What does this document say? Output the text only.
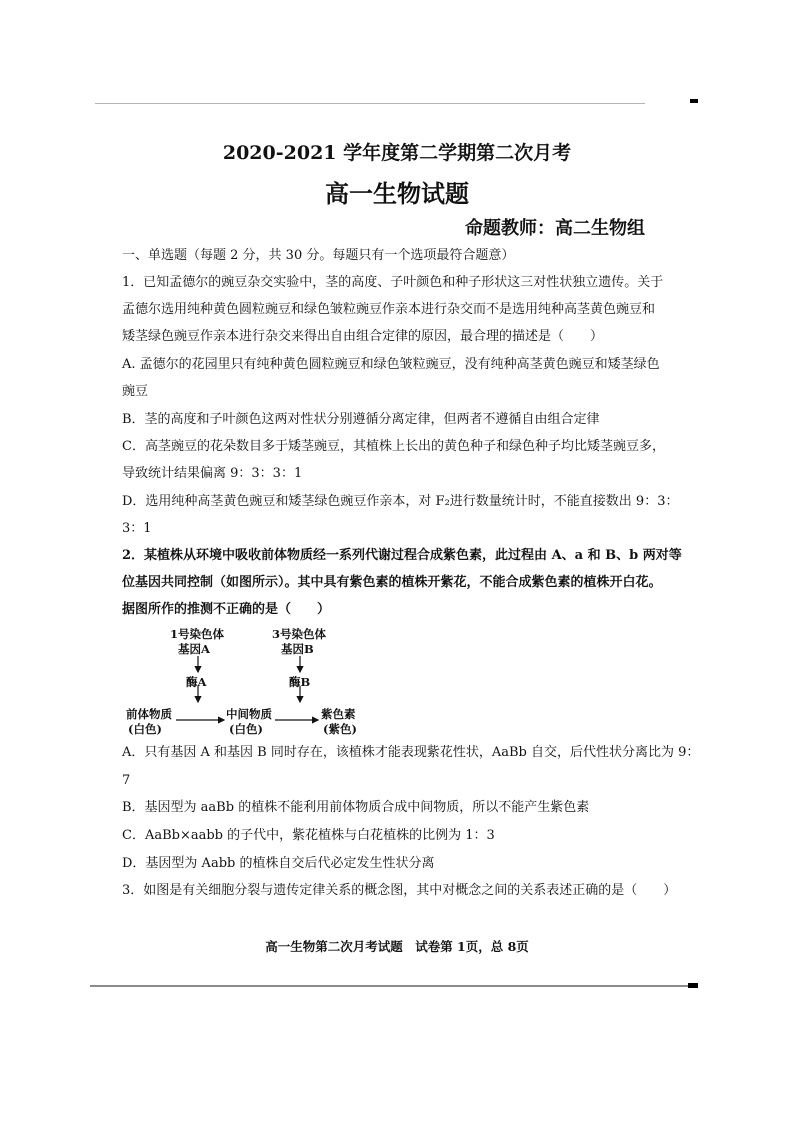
2020-2021 学年度第二学期第二次月考
高一生物试题
命题教师：高二生物组
一、单选题（每题 2 分，共 30 分。每题只有一个选项最符合题意）
1．已知孟德尔的豌豆杂交实验中，茎的高度、子叶颜色和种子形状这三对性状独立遗传。关于
孟德尔选用纯种黄色圆粒豌豆和绿色皱粒豌豆作亲本进行杂交而不是选用纯种高茎黄色豌豆和
矮茎绿色豌豆作亲本进行杂交来得出自由组合定律的原因，最合理的描述是（　　）
A. 孟德尔的花园里只有纯种黄色圆粒豌豆和绿色皱粒豌豆，没有纯种高茎黄色豌豆和矮茎绿色
豌豆
B．茎的高度和子叶颜色这两对性状分别遵循分离定律，但两者不遵循自由组合定律
C．高茎豌豆的花朵数目多于矮茎豌豆，其植株上长出的黄色种子和绿色种子均比矮茎豌豆多，
导致统计结果偏离 9：3：3：1
D．选用纯种高茎黄色豌豆和矮茎绿色豌豆作亲本，对 F₂进行数量统计时，不能直接数出 9：3：
3：1
2．某植株从环境中吸收前体物质经一系列代谢过程合成紫色素，此过程由 A、a 和 B、b 两对等
位基因共同控制（如图所示）。其中具有紫色素的植株开紫花，不能合成紫色素的植株开白花。
据图所作的推测不正确的是（　　）
1号染色体
基因A
酶A
3号染色体
基因B
酶B
前体物质
(白色)
中间物质
(白色)
紫色素
(紫色)
A．只有基因 A 和基因 B 同时存在，该植株才能表现紫花性状，AaBb 自交，后代性状分离比为 9：
7
B．基因型为 aaBb 的植株不能利用前体物质合成中间物质，所以不能产生紫色素
C．AaBb×aabb 的子代中，紫花植株与白花植株的比例为 1：3
D．基因型为 Aabb 的植株自交后代必定发生性状分离
3．如图是有关细胞分裂与遗传定律关系的概念图，其中对概念之间的关系表述正确的是（　　）
高一生物第二次月考试题　试卷第 1页，总 8页
